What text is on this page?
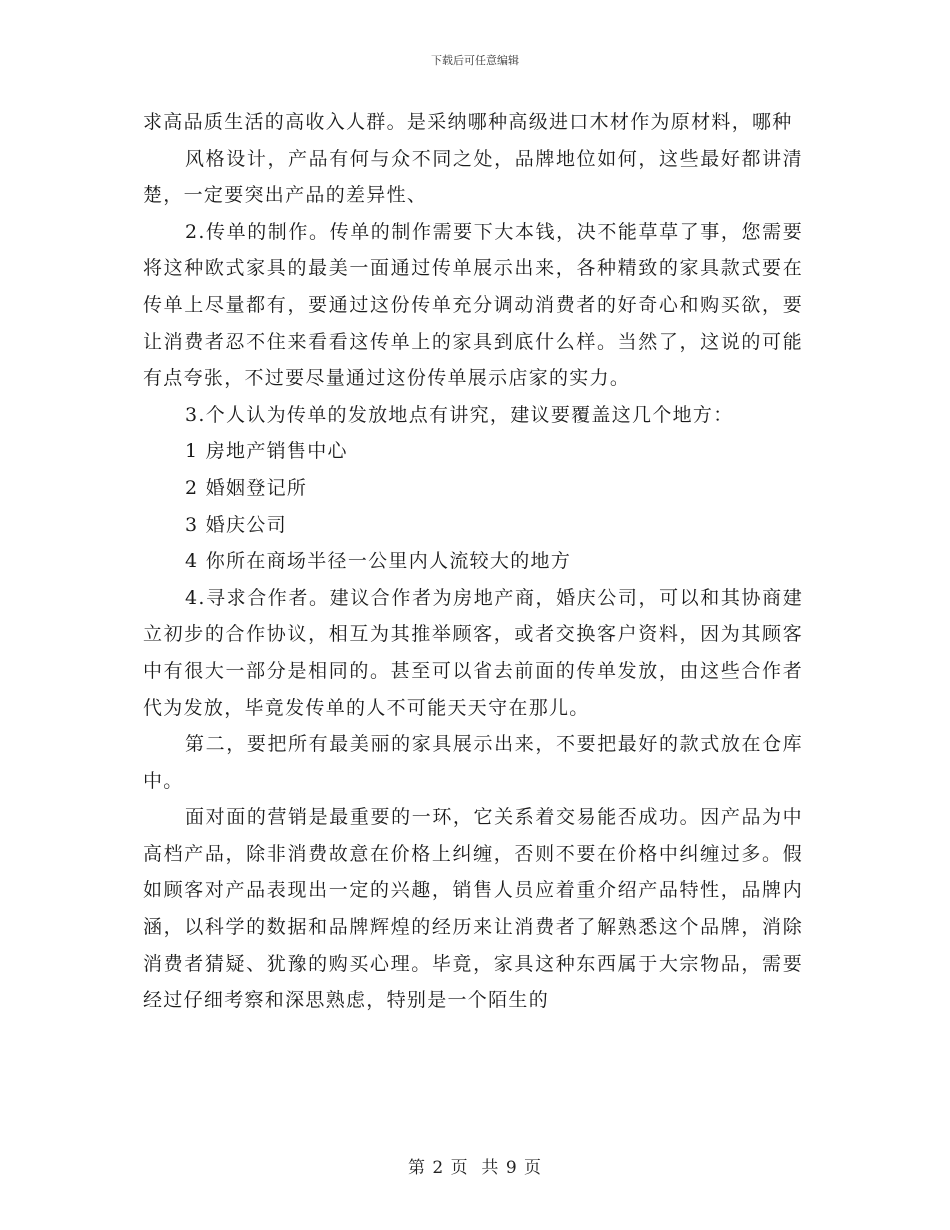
下载后可任意编辑

求高品质生活的高收入人群。是采纳哪种高级进口木材作为原材料，哪种

风格设计，产品有何与众不同之处，品牌地位如何，这些最好都讲清楚，一定要突出产品的差异性、

2.传单的制作。传单的制作需要下大本钱，决不能草草了事，您需要将这种欧式家具的最美一面通过传单展示出来，各种精致的家具款式要在传单上尽量都有，要通过这份传单充分调动消费者的好奇心和购买欲，要让消费者忍不住来看看这传单上的家具到底什么样。当然了，这说的可能有点夸张，不过要尽量通过这份传单展示店家的实力。

3.个人认为传单的发放地点有讲究，建议要覆盖这几个地方：

1 房地产销售中心

2 婚姻登记所

3 婚庆公司

4 你所在商场半径一公里内人流较大的地方

4.寻求合作者。建议合作者为房地产商，婚庆公司，可以和其协商建立初步的合作协议，相互为其推举顾客，或者交换客户资料，因为其顾客中有很大一部分是相同的。甚至可以省去前面的传单发放，由这些合作者代为发放，毕竟发传单的人不可能天天守在那儿。

第二，要把所有最美丽的家具展示出来，不要把最好的款式放在仓库中。

面对面的营销是最重要的一环，它关系着交易能否成功。因产品为中高档产品，除非消费故意在价格上纠缠，否则不要在价格中纠缠过多。假如顾客对产品表现出一定的兴趣，销售人员应着重介绍产品特性，品牌内涵，以科学的数据和品牌辉煌的经历来让消费者了解熟悉这个品牌，消除消费者猜疑、犹豫的购买心理。毕竟，家具这种东西属于大宗物品，需要经过仔细考察和深思熟虑，特别是一个陌生的

第 2 页  共 9 页
